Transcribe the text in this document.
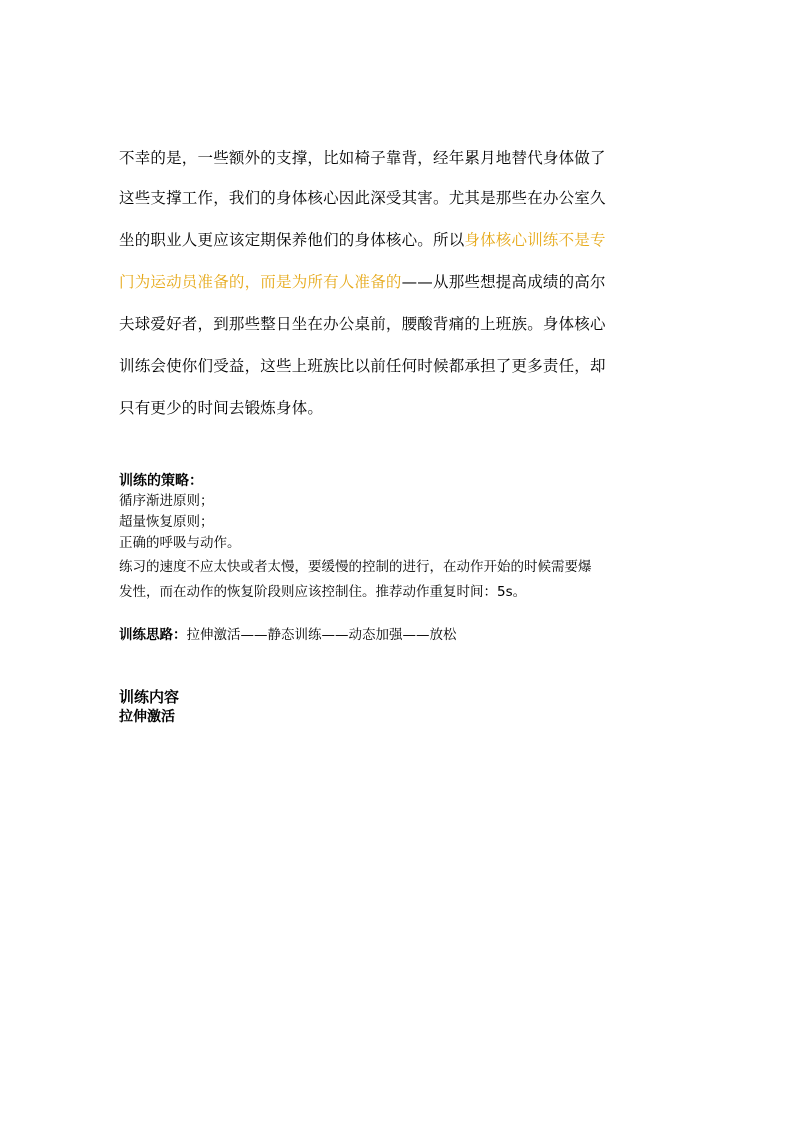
不幸的是，一些额外的支撑，比如椅子靠背，经年累月地替代身体做了
这些支撑工作，我们的身体核心因此深受其害。尤其是那些在办公室久
坐的职业人更应该定期保养他们的身体核心。所以身体核心训练不是专
门为运动员准备的，而是为所有人准备的——从那些想提高成绩的高尔
夫球爱好者，到那些整日坐在办公桌前，腰酸背痛的上班族。身体核心
训练会使你们受益，这些上班族比以前任何时候都承担了更多责任，却
只有更少的时间去锻炼身体。
训练的策略：
循序渐进原则；
超量恢复原则；
正确的呼吸与动作。
练习的速度不应太快或者太慢，要缓慢的控制的进行，在动作开始的时候需要爆
发性，而在动作的恢复阶段则应该控制住。推荐动作重复时间：5s。
训练思路：拉伸激活——静态训练——动态加强——放松
训练内容
拉伸激活
